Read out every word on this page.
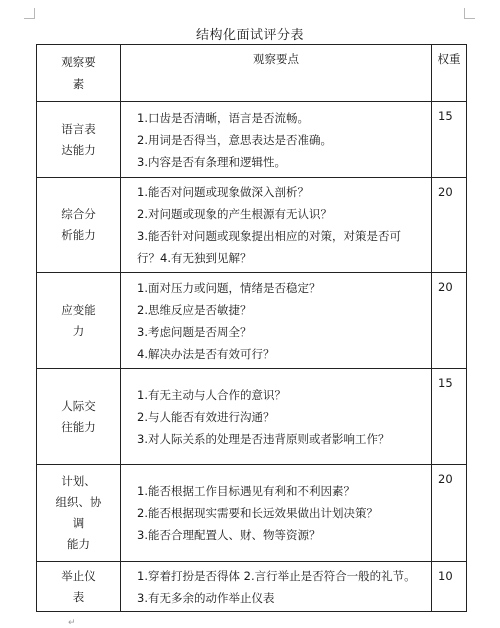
结构化面试评分表
观察要
素	观察要点	权重

语言表
达能力	1.口齿是否清晰，语言是否流畅。
2.用词是否得当，意思表达是否准确。
3.内容是否有条理和逻辑性。	15

综合分
析能力	1.能否对问题或现象做深入剖析？
2.对问题或现象的产生根源有无认识？
3.能否针对问题或现象提出相应的对策，对策是否可行？4.有无独到见解？	20

应变能
力	1.面对压力或问题，情绪是否稳定？
2.思维反应是否敏捷？
3.考虑问题是否周全？
4.解决办法是否有效可行？	20

人际交
往能力	1.有无主动与人合作的意识？
2.与人能否有效进行沟通？
3.对人际关系的处理是否违背原则或者影响工作？	15

计划、
组织、协
调
能力	1.能否根据工作目标遇见有利和不利因素？
2.能否根据现实需要和长远效果做出计划决策？
3.能否合理配置人、财、物等资源？	20

举止仪
表	1.穿着打扮是否得体 2.言行举止是否符合一般的礼节。3.有无多余的动作举止仪表	10
↵
